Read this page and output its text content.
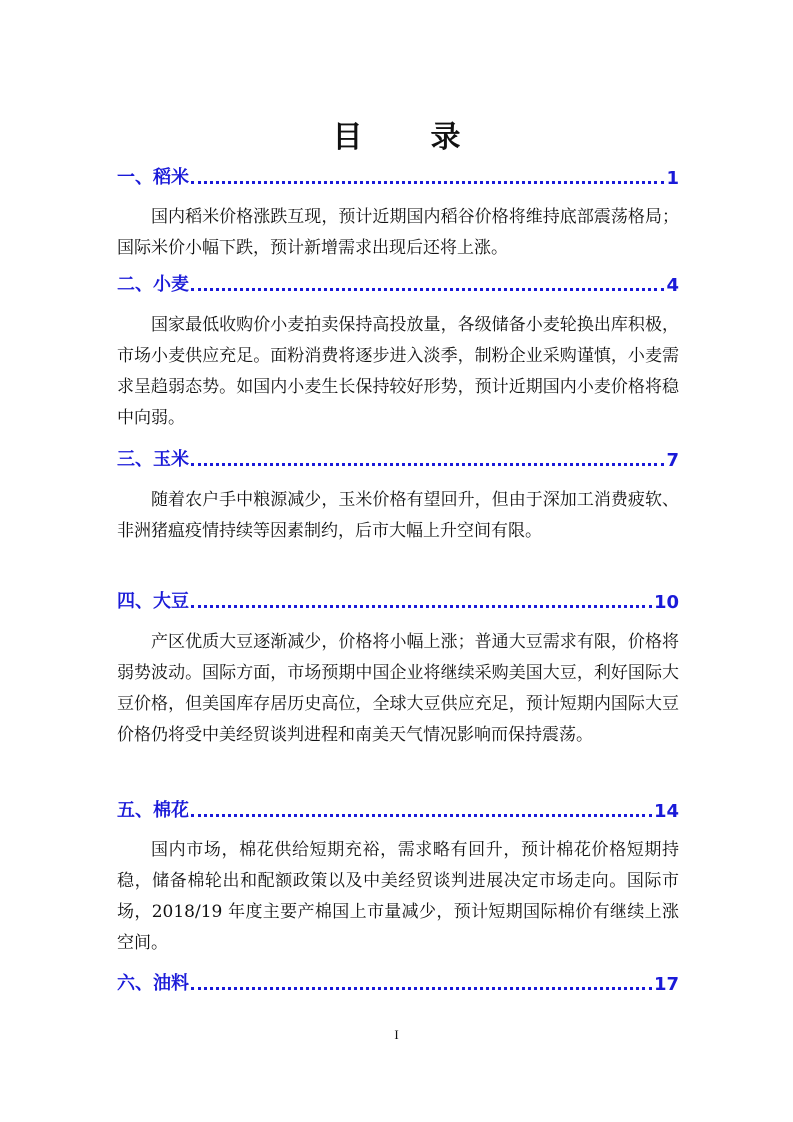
目 录
一、稻米	1
国内稻米价格涨跌互现，预计近期国内稻谷价格将维持底部震荡格局；国际米价小幅下跌，预计新增需求出现后还将上涨。
二、小麦	4
国家最低收购价小麦拍卖保持高投放量，各级储备小麦轮换出库积极，市场小麦供应充足。面粉消费将逐步进入淡季，制粉企业采购谨慎，小麦需求呈趋弱态势。如国内小麦生长保持较好形势，预计近期国内小麦价格将稳中向弱。
三、玉米	7
随着农户手中粮源减少，玉米价格有望回升，但由于深加工消费疲软、非洲猪瘟疫情持续等因素制约，后市大幅上升空间有限。
四、大豆	10
产区优质大豆逐渐减少，价格将小幅上涨；普通大豆需求有限，价格将弱势波动。国际方面，市场预期中国企业将继续采购美国大豆，利好国际大豆价格，但美国库存居历史高位，全球大豆供应充足，预计短期内国际大豆价格仍将受中美经贸谈判进程和南美天气情况影响而保持震荡。
五、棉花	14
国内市场，棉花供给短期充裕，需求略有回升，预计棉花价格短期持稳，储备棉轮出和配额政策以及中美经贸谈判进展决定市场走向。国际市场，2018/19 年度主要产棉国上市量减少，预计短期国际棉价有继续上涨空间。
六、油料	17
I
